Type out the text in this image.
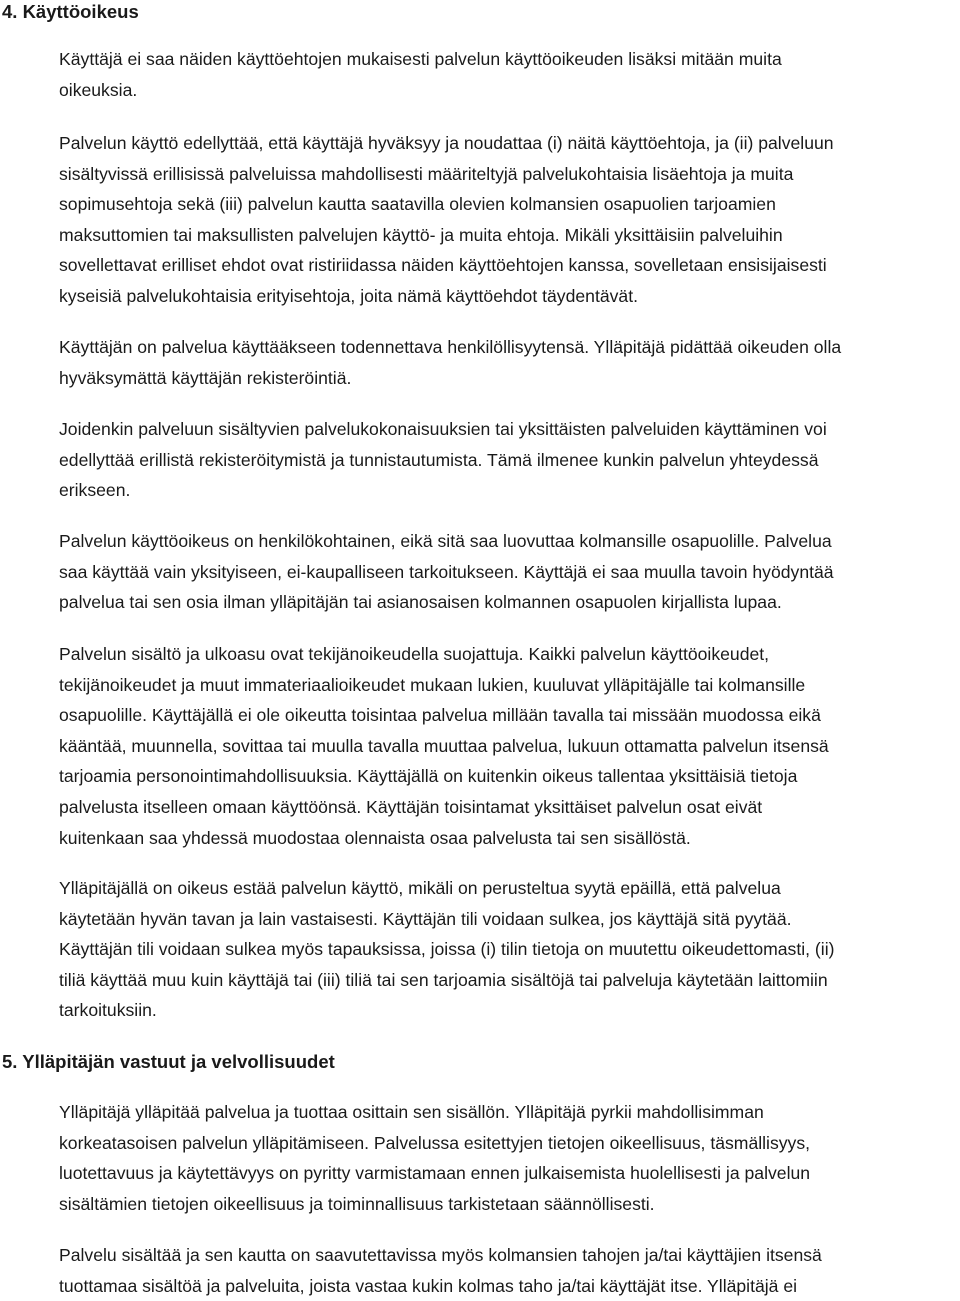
4. Käyttöoikeus

Käyttäjä ei saa näiden käyttöehtojen mukaisesti palvelun käyttöoikeuden lisäksi mitään muita
oikeuksia.

Palvelun käyttö edellyttää, että käyttäjä hyväksyy ja noudattaa (i) näitä käyttöehtoja, ja (ii) palveluun
sisältyvissä erillisissä palveluissa mahdollisesti määriteltyjä palvelukohtaisia lisäehtoja ja muita
sopimusehtoja sekä (iii) palvelun kautta saatavilla olevien kolmansien osapuolien tarjoamien
maksuttomien tai maksullisten palvelujen käyttö- ja muita ehtoja. Mikäli yksittäisiin palveluihin
sovellettavat erilliset ehdot ovat ristiriidassa näiden käyttöehtojen kanssa, sovelletaan ensisijaisesti
kyseisiä palvelukohtaisia erityisehtoja, joita nämä käyttöehdot täydentävät.

Käyttäjän on palvelua käyttääkseen todennettava henkilöllisyytensä. Ylläpitäjä pidättää oikeuden olla
hyväksymättä käyttäjän rekisteröintiä.

Joidenkin palveluun sisältyvien palvelukokonaisuuksien tai yksittäisten palveluiden käyttäminen voi
edellyttää erillistä rekisteröitymistä ja tunnistautumista. Tämä ilmenee kunkin palvelun yhteydessä
erikseen.

Palvelun käyttöoikeus on henkilökohtainen, eikä sitä saa luovuttaa kolmansille osapuolille. Palvelua
saa käyttää vain yksityiseen, ei-kaupalliseen tarkoitukseen. Käyttäjä ei saa muulla tavoin hyödyntää
palvelua tai sen osia ilman ylläpitäjän tai asianosaisen kolmannen osapuolen kirjallista lupaa.

Palvelun sisältö ja ulkoasu ovat tekijänoikeudella suojattuja. Kaikki palvelun käyttöoikeudet,
tekijänoikeudet ja muut immateriaalioikeudet mukaan lukien, kuuluvat ylläpitäjälle tai kolmansille
osapuolille. Käyttäjällä ei ole oikeutta toisintaa palvelua millään tavalla tai missään muodossa eikä
kääntää, muunnella, sovittaa tai muulla tavalla muuttaa palvelua, lukuun ottamatta palvelun itsensä
tarjoamia personointimahdollisuuksia. Käyttäjällä on kuitenkin oikeus tallentaa yksittäisiä tietoja
palvelusta itselleen omaan käyttöönsä. Käyttäjän toisintamat yksittäiset palvelun osat eivät
kuitenkaan saa yhdessä muodostaa olennaista osaa palvelusta tai sen sisällöstä.

Ylläpitäjällä on oikeus estää palvelun käyttö, mikäli on perusteltua syytä epäillä, että palvelua
käytetään hyvän tavan ja lain vastaisesti. Käyttäjän tili voidaan sulkea, jos käyttäjä sitä pyytää.
Käyttäjän tili voidaan sulkea myös tapauksissa, joissa (i) tilin tietoja on muutettu oikeudettomasti, (ii)
tiliä käyttää muu kuin käyttäjä tai (iii) tiliä tai sen tarjoamia sisältöjä tai palveluja käytetään laittomiin
tarkoituksiin.

5. Ylläpitäjän vastuut ja velvollisuudet

Ylläpitäjä ylläpitää palvelua ja tuottaa osittain sen sisällön. Ylläpitäjä pyrkii mahdollisimman
korkeatasoisen palvelun ylläpitämiseen. Palvelussa esitettyjen tietojen oikeellisuus, täsmällisyys,
luotettavuus ja käytettävyys on pyritty varmistamaan ennen julkaisemista huolellisesti ja palvelun
sisältämien tietojen oikeellisuus ja toiminnallisuus tarkistetaan säännöllisesti.

Palvelu sisältää ja sen kautta on saavutettavissa myös kolmansien tahojen ja/tai käyttäjien itsensä
tuottamaa sisältöä ja palveluita, joista vastaa kukin kolmas taho ja/tai käyttäjät itse. Ylläpitäjä ei
